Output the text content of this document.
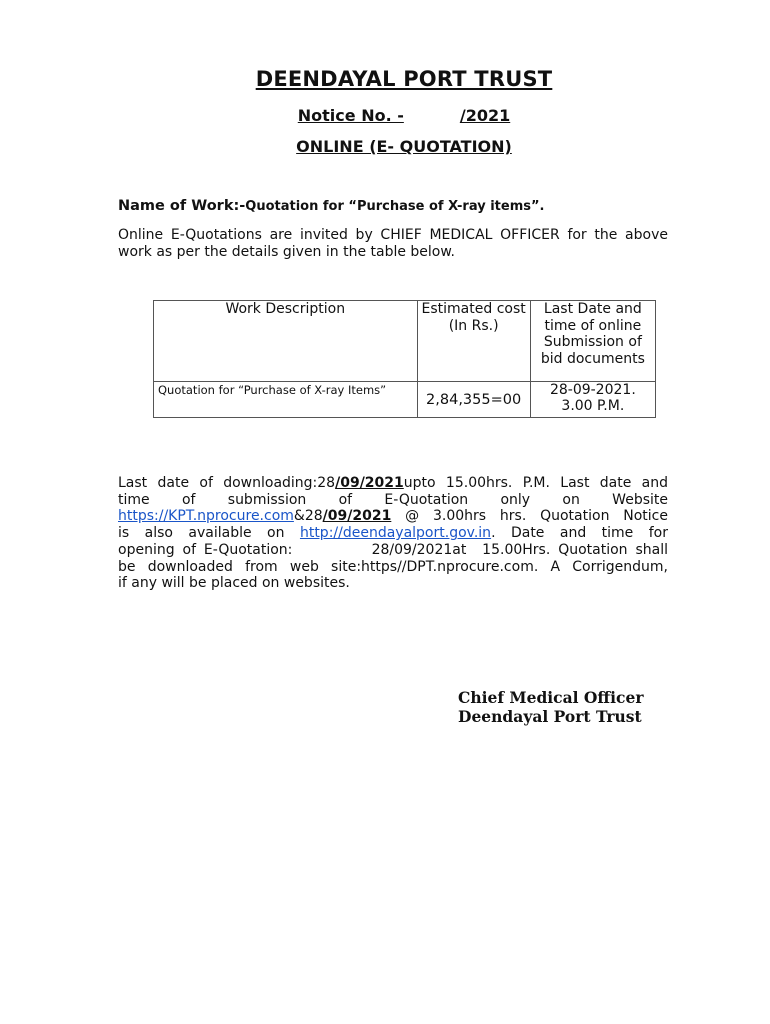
DEENDAYAL PORT TRUST
Notice No. -	/2021
ONLINE (E- QUOTATION)
Name of Work:-Quotation for “Purchase of X-ray items”.
Online E-Quotations are invited by CHIEF MEDICAL OFFICER for the above work as per the details given in the table below.
Work Description	Estimated cost (In Rs.)	Last Date and time of online Submission of bid documents
Quotation for “Purchase of X-ray Items”	2,84,355=00	28-09-2021.
3.00 P.M.
Last date of downloading:28/09/2021upto 15.00hrs. P.M. Last date and
time of submission of E-Quotation only on Website
https://KPT.nprocure.com&28/09/2021 @ 3.00hrs hrs. Quotation Notice
is also available on http://deendayalport.gov.in. Date and time for
opening of E-Quotation:          28/09/2021at  15.00Hrs. Quotation shall
be downloaded from web site:https//DPT.nprocure.com. A Corrigendum,
if any will be placed on websites.
Chief Medical Officer
Deendayal Port Trust
